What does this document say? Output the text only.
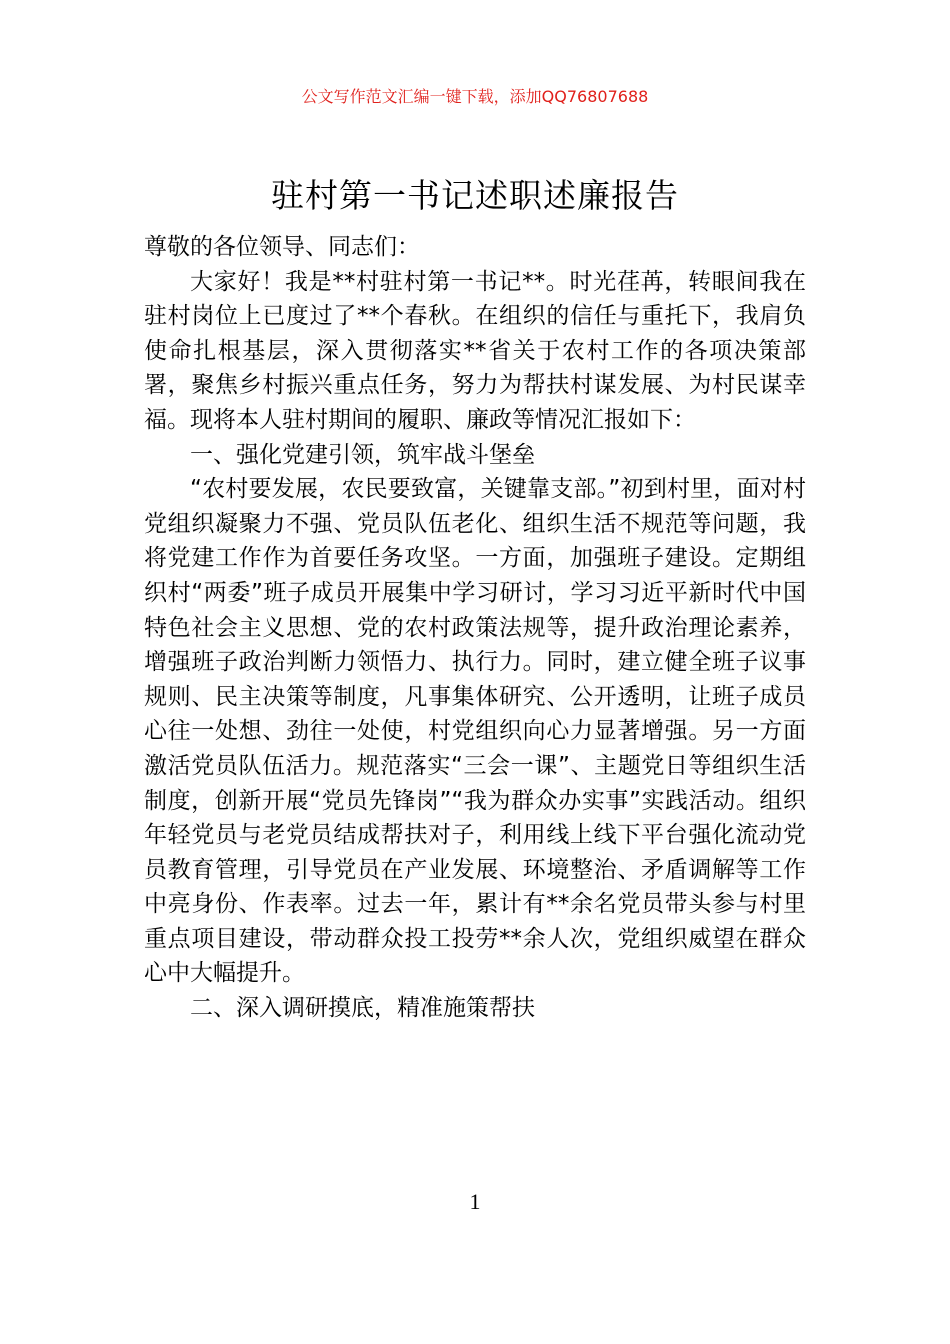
公文写作范文汇编一键下载，添加QQ76807688
驻村第一书记述职述廉报告

尊敬的各位领导、同志们：

大家好！我是**村驻村第一书记**。时光荏苒，转眼间我在驻村岗位上已度过了**个春秋。在组织的信任与重托下，我肩负使命扎根基层，深入贯彻落实**省关于农村工作的各项决策部署，聚焦乡村振兴重点任务，努力为帮扶村谋发展、为村民谋幸福。现将本人驻村期间的履职、廉政等情况汇报如下：

一、强化党建引领，筑牢战斗堡垒

“农村要发展，农民要致富，关键靠支部。”初到村里，面对村党组织凝聚力不强、党员队伍老化、组织生活不规范等问题，我将党建工作作为首要任务攻坚。一方面，加强班子建设。定期组织村“两委”班子成员开展集中学习研讨，学习习近平新时代中国特色社会主义思想、党的农村政策法规等，提升政治理论素养，增强班子政治判断力领悟力、执行力。同时，建立健全班子议事规则、民主决策等制度，凡事集体研究、公开透明，让班子成员心往一处想、劲往一处使，村党组织向心力显著增强。另一方面激活党员队伍活力。规范落实“三会一课”、主题党日等组织生活制度，创新开展“党员先锋岗”“我为群众办实事”实践活动。组织年轻党员与老党员结成帮扶对子，利用线上线下平台强化流动党员教育管理，引导党员在产业发展、环境整治、矛盾调解等工作中亮身份、作表率。过去一年，累计有**余名党员带头参与村里重点项目建设，带动群众投工投劳**余人次，党组织威望在群众心中大幅提升。

二、深入调研摸底，精准施策帮扶

1
